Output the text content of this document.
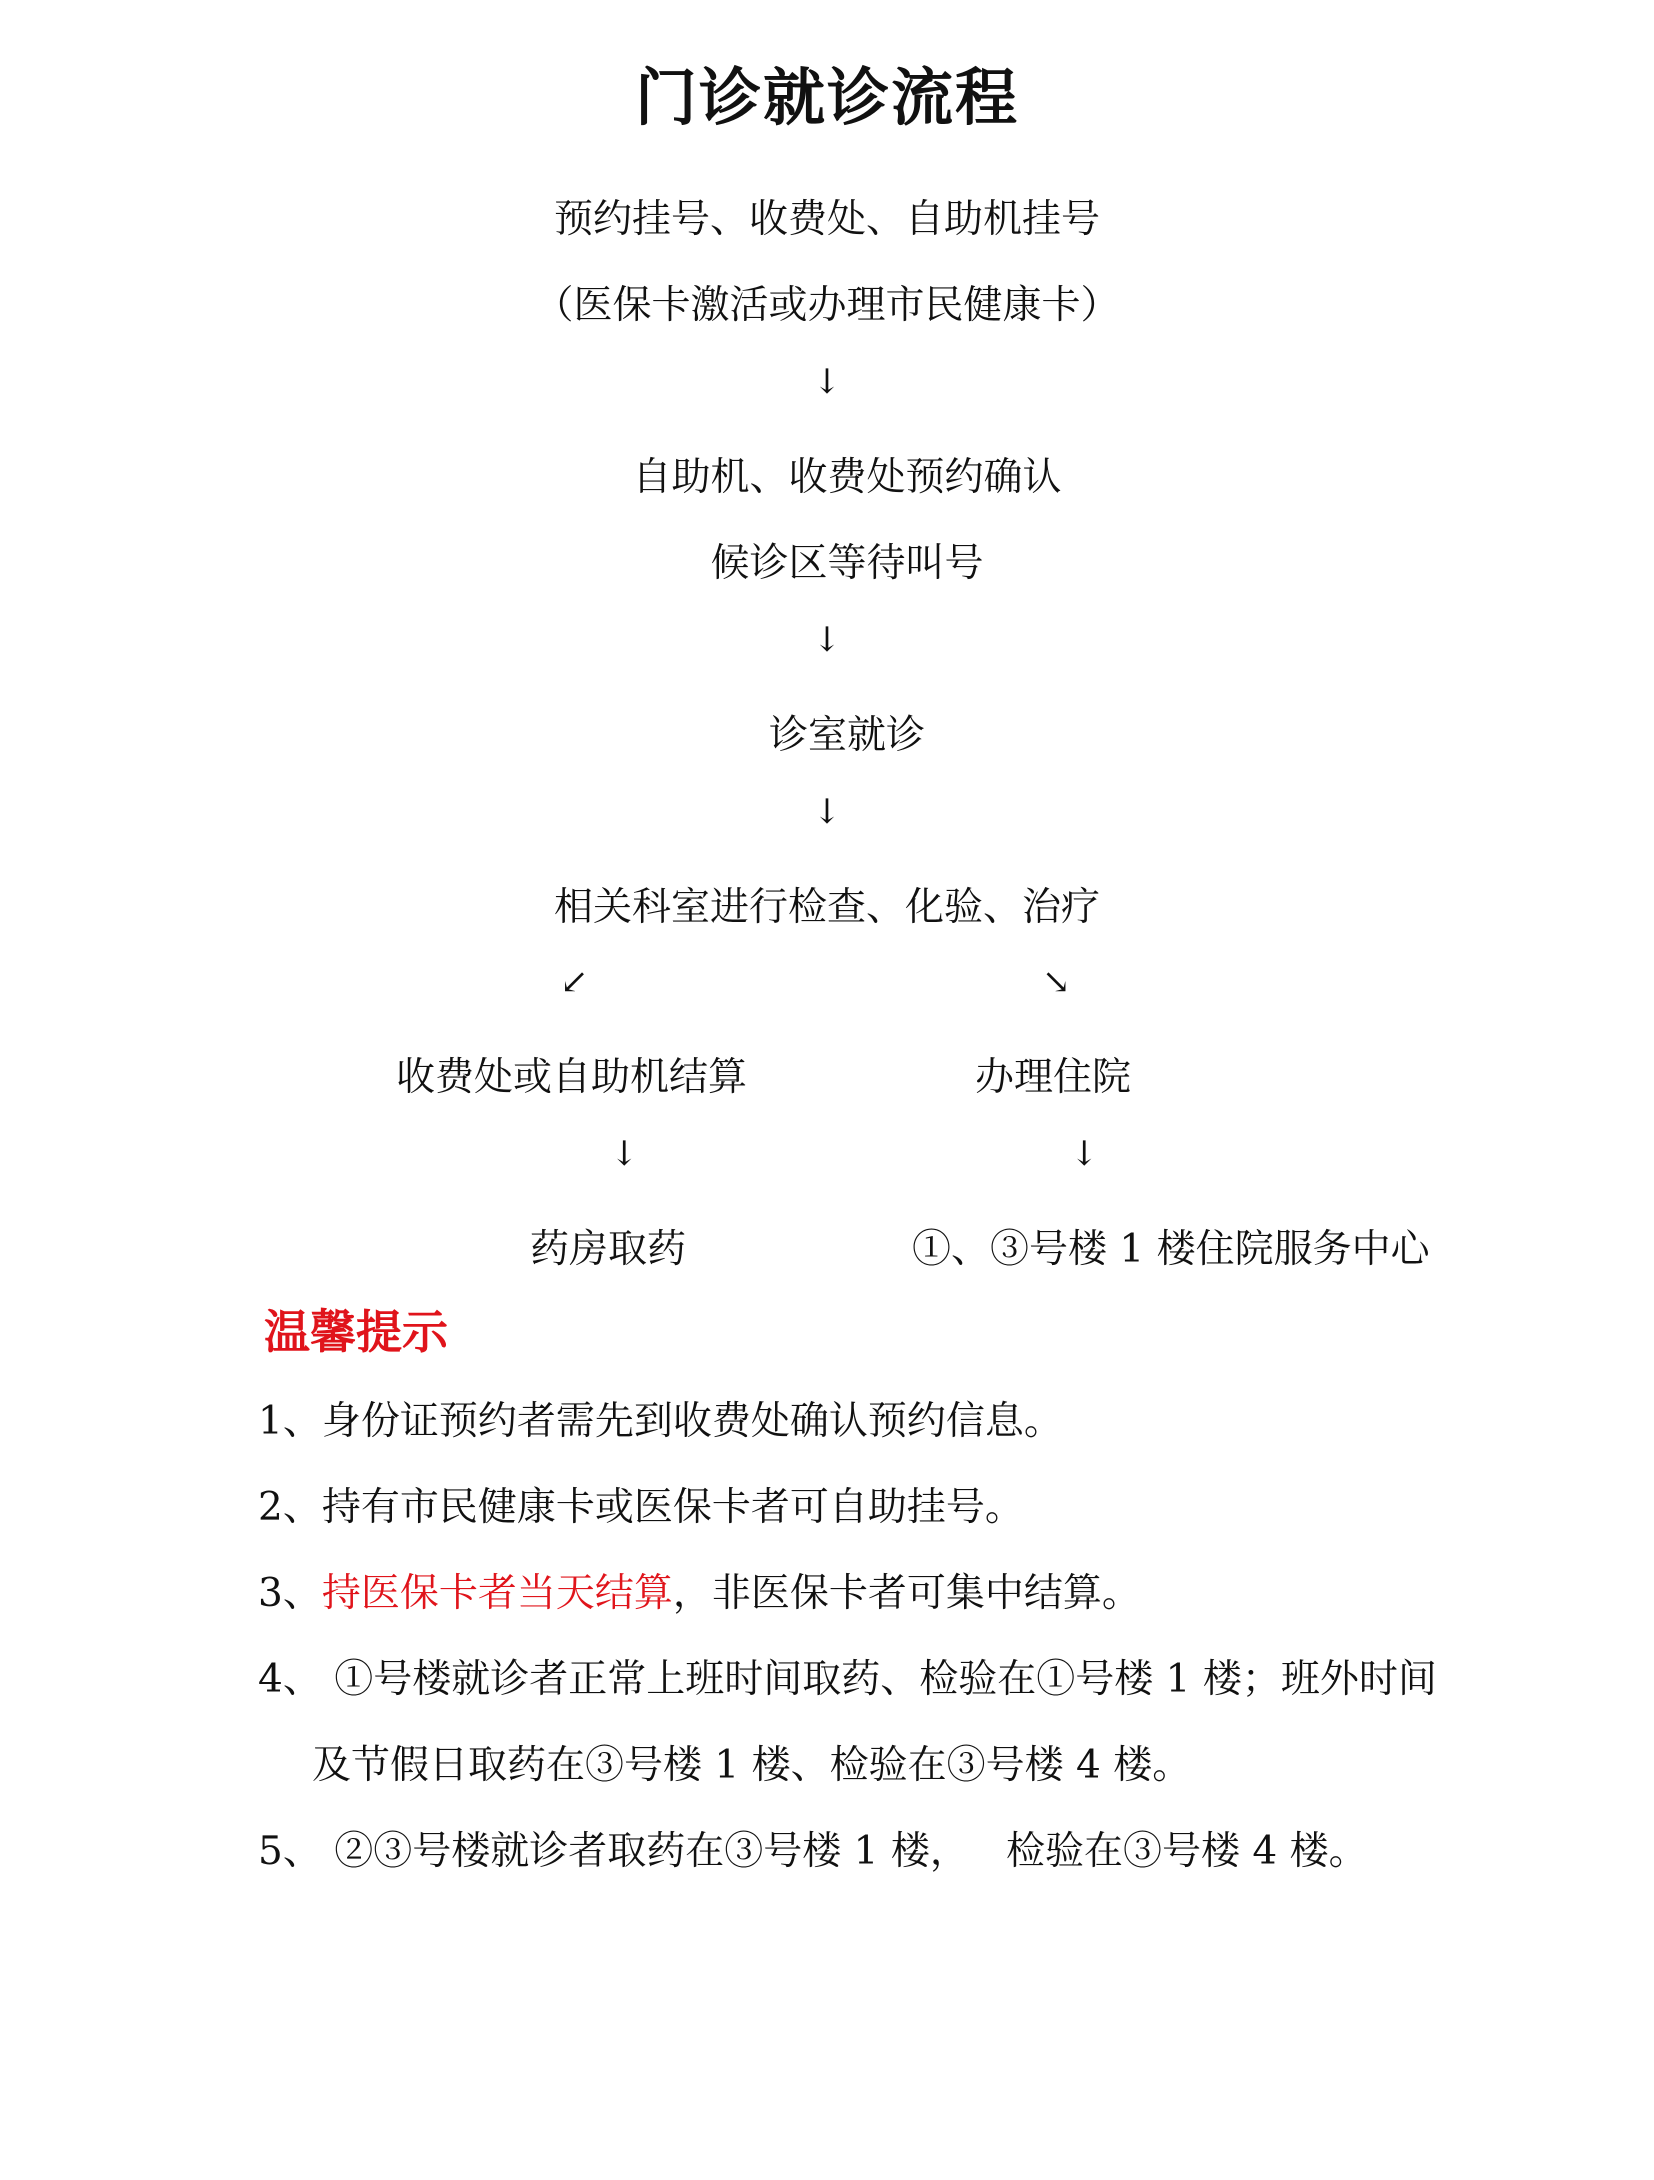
门诊就诊流程
预约挂号、收费处、自助机挂号
（医保卡激活或办理市民健康卡）
↓
自助机、收费处预约确认
候诊区等待叫号
↓
诊室就诊
↓
相关科室进行检查、化验、治疗
↙	↘
收费处或自助机结算	办理住院
↓	↓
药房取药	①、③号楼 1 楼住院服务中心
温馨提示
1、身份证预约者需先到收费处确认预约信息。
2、持有市民健康卡或医保卡者可自助挂号。
3、持医保卡者当天结算，非医保卡者可集中结算。
4、 ①号楼就诊者正常上班时间取药、检验在①号楼 1 楼；班外时间
及节假日取药在③号楼 1 楼、检验在③号楼 4 楼。
5、 ②③号楼就诊者取药在③号楼 1 楼，   检验在③号楼 4 楼。
